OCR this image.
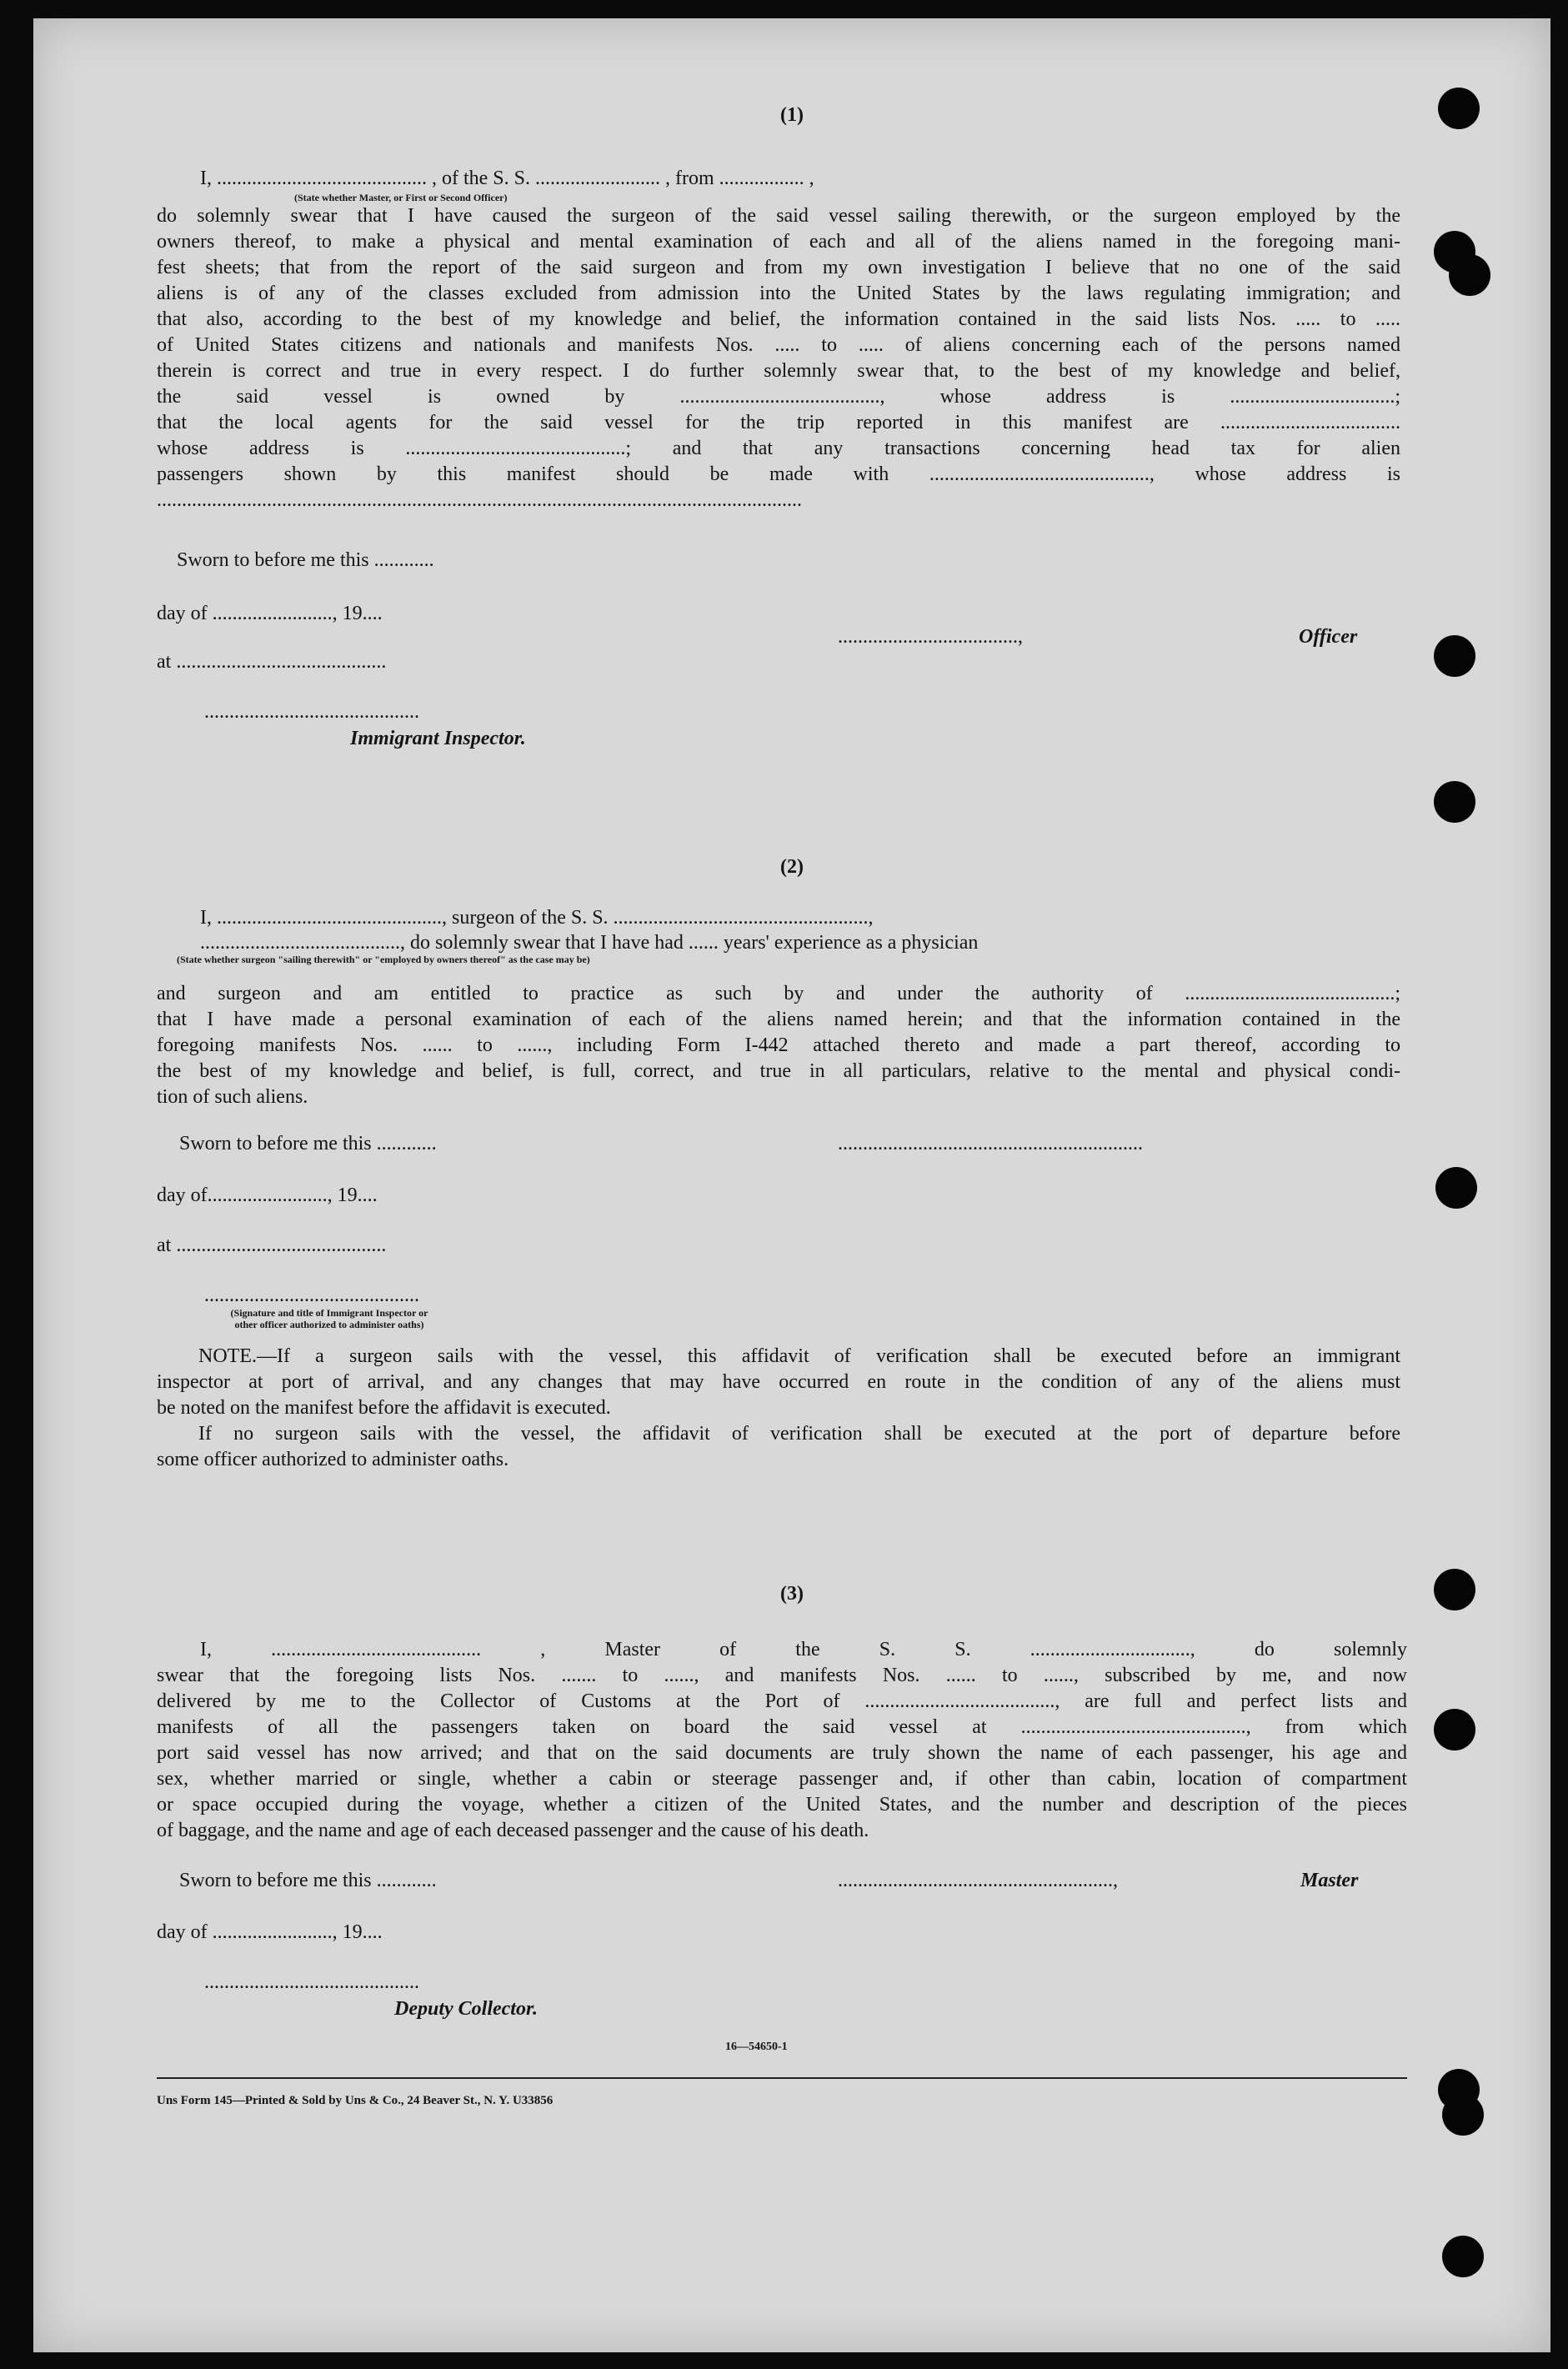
(1)
I, .......................................... , of the S. S. ......................... , from ................. ,
(State whether Master, or First or Second Officer)
do solemnly swear that I have caused the surgeon of the said vessel sailing therewith, or the surgeon employed by the
owners thereof, to make a physical and mental examination of each and all of the aliens named in the foregoing mani-
fest sheets; that from the report of the said surgeon and from my own investigation I believe that no one of the said
aliens is of any of the classes excluded from admission into the United States by the laws regulating immigration; and
that also, according to the best of my knowledge and belief, the information contained in the said lists Nos. ..... to .....
of United States citizens and nationals and manifests Nos. ..... to ..... of aliens concerning each of the persons named
therein is correct and true in every respect. I do further solemnly swear that, to the best of my knowledge and belief,
the said vessel is owned by ........................................, whose address is .................................;
that the local agents for the said vessel for the trip reported in this manifest are ....................................
whose address is ............................................; and that any transactions concerning head tax for alien
passengers shown by this manifest should be made with ............................................, whose address is
.................................................................................................................................
Sworn to before me this ............
day of ........................, 19....
....................................,	Officer
at ..........................................
...........................................
Immigrant Inspector.
(2)
I, ............................................., surgeon of the S. S. ...................................................,
........................................, do solemnly swear that I have had ...... years' experience as a physician
(State whether surgeon "sailing therewith" or "employed by owners thereof" as the case may be)
and surgeon and am entitled to practice as such by and under the authority of ..........................................;
that I have made a personal examination of each of the aliens named herein; and that the information contained in the
foregoing manifests Nos. ...... to ......, including Form I-442 attached thereto and made a part thereof, according to
the best of my knowledge and belief, is full, correct, and true in all particulars, relative to the mental and physical condi-
tion of such aliens.
Sworn to before me this ............	.............................................................
day of........................, 19....
at ..........................................
...........................................
(Signature and title of Immigrant Inspector or
other officer authorized to administer oaths)
NOTE.—If a surgeon sails with the vessel, this affidavit of verification shall be executed before an immigrant
inspector at port of arrival, and any changes that may have occurred en route in the condition of any of the aliens must
be noted on the manifest before the affidavit is executed.
If no surgeon sails with the vessel, the affidavit of verification shall be executed at the port of departure before
some officer authorized to administer oaths.
(3)
I, .......................................... , Master of the S. S. ................................, do solemnly
swear that the foregoing lists Nos. ....... to ......, and manifests Nos. ...... to ......, subscribed by me, and now
delivered by me to the Collector of Customs at the Port of ......................................, are full and perfect lists and
manifests of all the passengers taken on board the said vessel at ............................................., from which
port said vessel has now arrived; and that on the said documents are truly shown the name of each passenger, his age and
sex, whether married or single, whether a cabin or steerage passenger and, if other than cabin, location of compartment
or space occupied during the voyage, whether a citizen of the United States, and the number and description of the pieces
of baggage, and the name and age of each deceased passenger and the cause of his death.
Sworn to before me this ............	.......................................................,	Master
day of ........................, 19....
...........................................
Deputy Collector.
16—54650-1
Uns Form 145—Printed & Sold by Uns & Co., 24 Beaver St., N. Y. U33856
